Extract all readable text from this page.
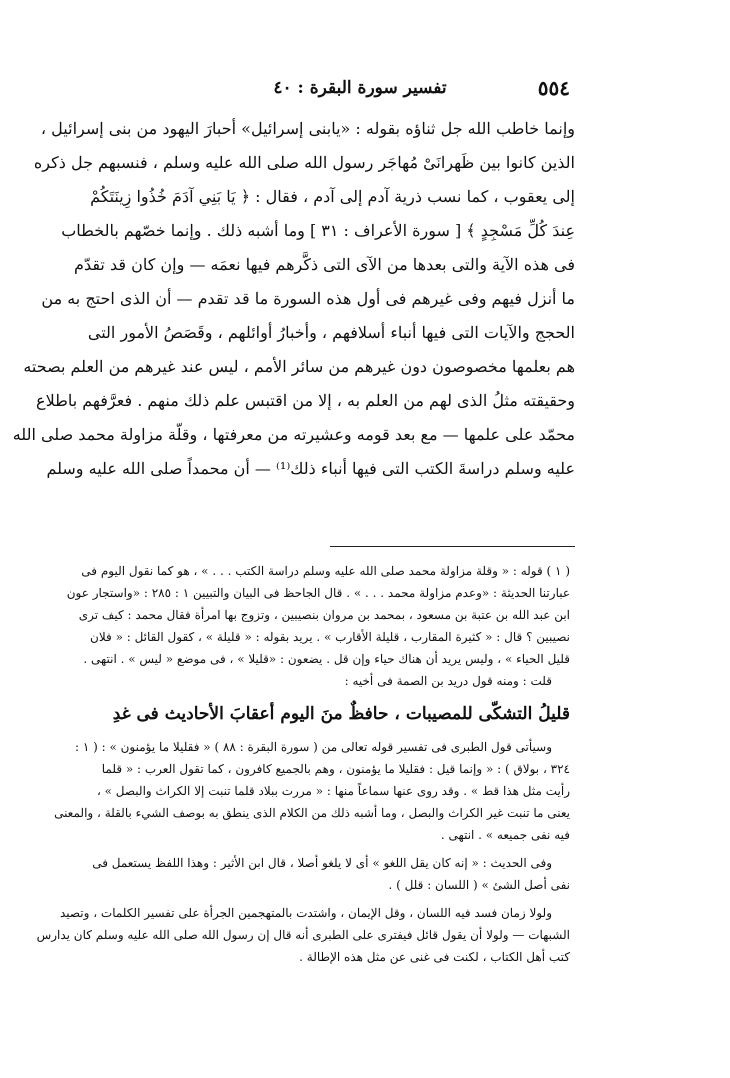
٥٥٤
تفسير سورة البقرة : ٤٠
وإنما خاطب الله جل ثناؤه بقوله : «يابنى إسرائيل» أحبارَ اليهود من بنى إسرائيل ،
الذين كانوا بين ظَهرانَىْ مُهاجَر رسول الله صلى الله عليه وسلم ، فنسبهم جل ذكره
إلى يعقوب ، كما نسب ذرية آدم إلى آدم ، فقال : ﴿ يَا بَنِي آدَمَ خُذُوا زِينَتَكُمْ
عِندَ كُلِّ مَسْجِدٍ ﴾ [ سورة الأعراف : ٣١ ] وما أشبه ذلك . وإنما خصّهم بالخطاب
فى هذه الآية والتى بعدها من الآى التى ذكَّرهم فيها نعمَه — وإن كان قد تقدّم
ما أنزل فيهم وفى غيرهم فى أول هذه السورة ما قد تقدم — أن الذى احتج به من
الحجج والآيات التى فيها أنباء أسلافهم ، وأخبارُ أوائلهم ، وقَصَصُ الأمور التى
هم بعلمها مخصوصون دون غيرهم من سائر الأمم ، ليس عند غيرهم من العلم بصحته
وحقيقته مثلُ الذى لهم من العلم به ، إلا من اقتبس علم ذلك منهم . فعرَّفهم باطلاع
محمّد على علمها — مع بعد قومه وعشيرته من معرفتها ، وقلّة مزاولة محمد صلى الله
عليه وسلم دراسةَ الكتب التى فيها أنباء ذلك⁽¹⁾ — أن محمداً صلى الله عليه وسلم
( ١ ) قوله : « وقلة مزاولة محمد صلى الله عليه وسلم دراسة الكتب . . . » ، هو كما نقول اليوم فى
عبارتنا الحديثة : «وعدم مزاولة محمد . . . » . قال الجاحظ فى البيان والتبيين ١ : ٢٨٥ : «واستجار عون
ابن عبد الله بن عتبة بن مسعود ، بمحمد بن مروان بنصيبين ، وتزوج بها امرأة فقال محمد : كيف ترى
نصيبين ؟ قال : « كثيرة المقارب ، قليلة الأقارب » . يريد بقوله : « قليلة » ، كقول القائل : « فلان
قليل الحياء » ، وليس يريد أن هناك حياء وإن قل . يضعون : «قليلا » ، فى موضع « ليس » . انتهى .
قلت : ومنه قول دريد بن الصمة فى أخيه :
قليلُ التشكّى للمصيبات ، حافظٌ منَ اليوم أعقابَ الأحاديث فى غدِ
وسيأتى قول الطبرى فى تفسير قوله تعالى من ( سورة البقرة : ٨٨ ) « فقليلا ما يؤمنون » : ( ١ :
٣٢٤ ، بولاق ) : « وإنما قيل : فقليلا ما يؤمنون ، وهم بالجميع كافرون ، كما تقول العرب : « قلما
رأيت مثل هذا قط » . وقد روى عنها سماعاً منها : « مررت ببلاد قلما تنبت إلا الكراث والبصل » ،
يعنى ما تنبت غير الكراث والبصل ، وما أشبه ذلك من الكلام الذى ينطق به بوصف الشيء بالقلة ، والمعنى
فيه نفى جميعه » . انتهى .
وفى الحديث : « إنه كان يقل اللغو » أى لا يلغو أصلا ، قال ابن الأثير : وهذا اللفظ يستعمل فى
نفى أصل الشئ » ( اللسان : قلل ) .
ولولا زمان فسد فيه اللسان ، وقل الإيمان ، واشتدت بالمتهجمين الجرأة على تفسير الكلمات ، وتصيد
الشبهات — ولولا أن يقول قائل فيفترى على الطبرى أنه قال إن رسول الله صلى الله عليه وسلم كان يدارس
كتب أهل الكتاب ، لكنت فى غنى عن مثل هذه الإطالة .
